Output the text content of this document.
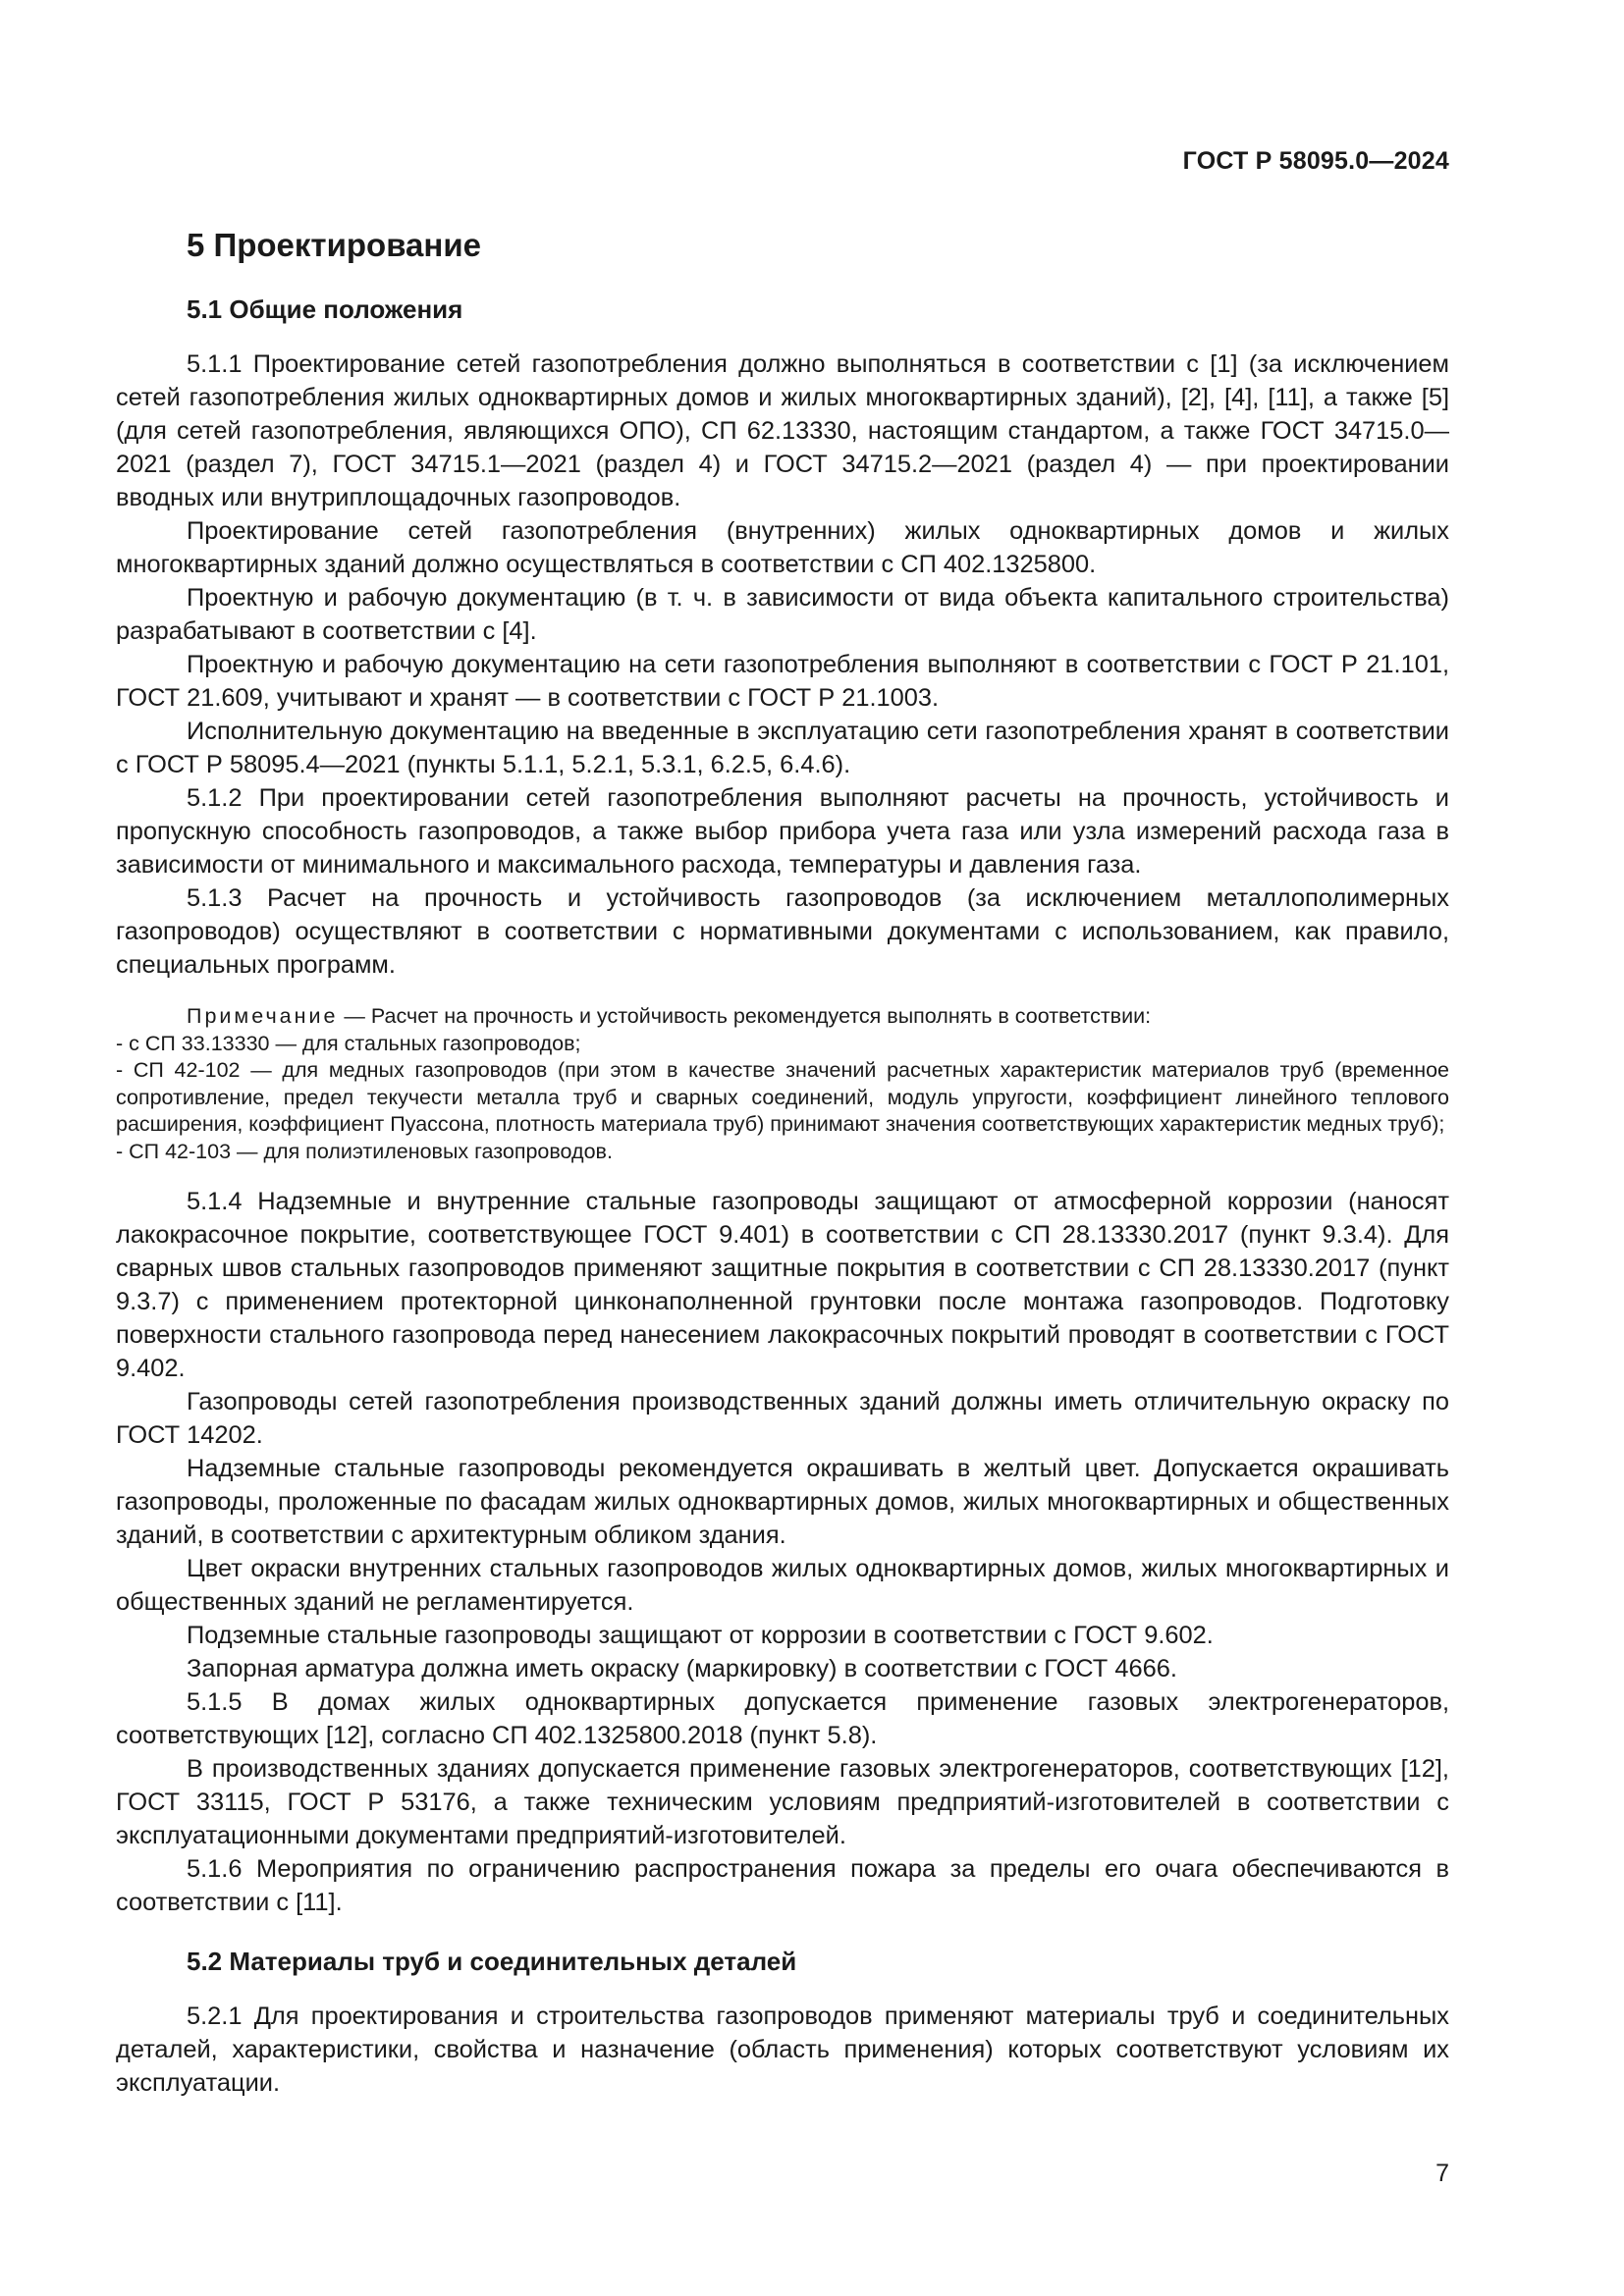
ГОСТ Р 58095.0—2024
5 Проектирование
5.1 Общие положения

5.1.1 Проектирование сетей газопотребления должно выполняться в соответствии с [1] (за исключением сетей газопотребления жилых одноквартирных домов и жилых многоквартирных зданий), [2], [4], [11], а также [5] (для сетей газопотребления, являющихся ОПО), СП 62.13330, настоящим стандартом, а также ГОСТ 34715.0—2021 (раздел 7), ГОСТ 34715.1—2021 (раздел 4) и ГОСТ 34715.2—2021 (раздел 4) — при проектировании вводных или внутриплощадочных газопроводов.

Проектирование сетей газопотребления (внутренних) жилых одноквартирных домов и жилых многоквартирных зданий должно осуществляться в соответствии с СП 402.1325800.

Проектную и рабочую документацию (в т. ч. в зависимости от вида объекта капитального строительства) разрабатывают в соответствии с [4].

Проектную и рабочую документацию на сети газопотребления выполняют в соответствии с ГОСТ Р 21.101, ГОСТ 21.609, учитывают и хранят — в соответствии с ГОСТ Р 21.1003.

Исполнительную документацию на введенные в эксплуатацию сети газопотребления хранят в соответствии с ГОСТ Р 58095.4—2021 (пункты 5.1.1, 5.2.1, 5.3.1, 6.2.5, 6.4.6).

5.1.2 При проектировании сетей газопотребления выполняют расчеты на прочность, устойчивость и пропускную способность газопроводов, а также выбор прибора учета газа или узла измерений расхода газа в зависимости от минимального и максимального расхода, температуры и давления газа.

5.1.3 Расчет на прочность и устойчивость газопроводов (за исключением металлополимерных газопроводов) осуществляют в соответствии с нормативными документами с использованием, как правило, специальных программ.

Примечание — Расчет на прочность и устойчивость рекомендуется выполнять в соответствии:

- с СП 33.13330 — для стальных газопроводов;

- СП 42-102 — для медных газопроводов (при этом в качестве значений расчетных характеристик материалов труб (временное сопротивление, предел текучести металла труб и сварных соединений, модуль упругости, коэффициент линейного теплового расширения, коэффициент Пуассона, плотность материала труб) принимают значения соответствующих характеристик медных труб);

- СП 42-103 — для полиэтиленовых газопроводов.

5.1.4 Надземные и внутренние стальные газопроводы защищают от атмосферной коррозии (наносят лакокрасочное покрытие, соответствующее ГОСТ 9.401) в соответствии с СП 28.13330.2017 (пункт 9.3.4). Для сварных швов стальных газопроводов применяют защитные покрытия в соответствии с СП 28.13330.2017 (пункт 9.3.7) с применением протекторной цинконаполненной грунтовки после монтажа газопроводов. Подготовку поверхности стального газопровода перед нанесением лакокрасочных покрытий проводят в соответствии с ГОСТ 9.402.

Газопроводы сетей газопотребления производственных зданий должны иметь отличительную окраску по ГОСТ 14202.

Надземные стальные газопроводы рекомендуется окрашивать в желтый цвет. Допускается окрашивать газопроводы, проложенные по фасадам жилых одноквартирных домов, жилых многоквартирных и общественных зданий, в соответствии с архитектурным обликом здания.

Цвет окраски внутренних стальных газопроводов жилых одноквартирных домов, жилых многоквартирных и общественных зданий не регламентируется.

Подземные стальные газопроводы защищают от коррозии в соответствии с ГОСТ 9.602.

Запорная арматура должна иметь окраску (маркировку) в соответствии с ГОСТ 4666.

5.1.5 В домах жилых одноквартирных допускается применение газовых электрогенераторов, соответствующих [12], согласно СП 402.1325800.2018 (пункт 5.8).

В производственных зданиях допускается применение газовых электрогенераторов, соответствующих [12], ГОСТ 33115, ГОСТ Р 53176, а также техническим условиям предприятий-изготовителей в соответствии с эксплуатационными документами предприятий-изготовителей.

5.1.6 Мероприятия по ограничению распространения пожара за пределы его очага обеспечиваются в соответствии с [11].

5.2 Материалы труб и соединительных деталей

5.2.1 Для проектирования и строительства газопроводов применяют материалы труб и соединительных деталей, характеристики, свойства и назначение (область применения) которых соответствуют условиям их эксплуатации.

7
